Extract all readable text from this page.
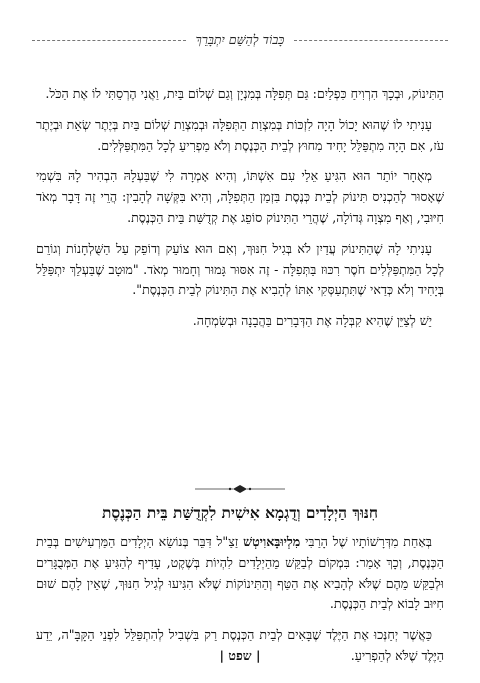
כָּבוֹד לְהַשֵּׁם יִתְבָּרֵךְ

הַתִּינוֹק, וּבְכָךְ הִרְוִיחַ כִּפְלַיִם: גַּם תְּפִלָּה בְּמִנְיָן וְגַם שְׁלוֹם בַּיִת, וַאֲנִי הֶרְסֵתִּי לוֹ אֶת הַכֹּל.

עָנִיתִי לוֹ שֶׁהוּא יָכוֹל הָיָה לִזְכּוֹת בְּמִצְוַת הַתְּפִלָּה וּבְמִצְוַת שְׁלוֹם בַּיִת בְּיֶתֶר שְׂאֵת וּבְיֶתֶר עֹז, אִם הָיָה מִתְפַּלֵּל יָחִיד מִחוּץ לְבֵית הַכְּנֶסֶת וְלֹא מַפְרִיעַ לְכָל הַמִּתְפַּלְּלִים.

מְאֻחָר יוֹתֵר הוּא הִגִּיעַ אֵלַי עִם אִשְׁתּוֹ, וְהִיא אָמְרָה לִי שֶׁבַּעְלָהּ הִבְהִיר לָהּ בִּשְׁמִי שֶׁאָסוּר לְהַכְנִיס תִּינוֹק לְבֵית כְּנֶסֶת בִּזְמַן הַתְּפִלָּה, וְהִיא בִּקְּשָׁה לְהָבִין: הֲרֵי זֶה דָּבָר מְאֹד חִיּוּבִי, וְאַף מִצְוָה גְּדוֹלָה, שֶׁהֲרֵי הַתִּינוֹק סוֹפֵג אֶת קְדֻשַּׁת בֵּית הַכְּנֶסֶת.

עָנִיתִי לָהּ שֶׁהַתִּינוֹק עֲדַיִן לֹא בְּגִיל חִנּוּךְ, וְאִם הוּא צוֹעֵק וְדוֹפֵק עַל הַשֻּׁלְחָנוֹת וְגוֹרֵם לְכָל הַמִּתְפַּלְּלִים חֹסֶר רִכּוּז בַּתְּפִלָּה - זֶה אִסּוּר גָּמוּר וְחָמוּר מְאֹד. "מוּטָב שֶׁבַּעְלֵךְ יִתְפַּלֵּל בְּיָחִיד וְלֹא כְּדַאי שֶׁתִּתְעַסְּקִי אִתּוֹ לְהָבִיא אֶת הַתִּינוֹק לְבֵית הַכְּנֶסֶת".

יֵשׁ לְצַיֵּן שֶׁהִיא קִבְּלָה אֶת הַדְּבָרִים בַּהֲבָנָה וּבְשִׂמְחָה.

חִנּוּךְ הַיְלָדִים וְדֻגְמָא אִישִׁית לִקְדֻשַּׁת בֵּית הַכְּנֶסֶת

בְּאַחַת מִדְּרָשׁוֹתָיו שֶׁל הָרַבִּי מִלְיוּבָּאוִיטְשׁ זַצַ"ל דִּבֵּר בְּנוֹשֵׂא הַיְלָדִים הַמַּרְעִישִׁים בְּבֵית הַכְּנֶסֶת, וְכָךְ אָמַר: בִּמְקוֹם לְבַקֵּשׁ מֵהַיְלָדִים לִהְיוֹת בְּשֶׁקֶט, עָדִיף לְהַגִּיעַ אֶת הַמְּבֻגָּרִים וּלְבַקֵּשׁ מֵהֶם שֶׁלֹּא לְהָבִיא אֶת הַטַּף וְהַתִּינוֹקוֹת שֶׁלֹּא הִגִּיעוּ לְגִיל חִנּוּךְ, שֶׁאֵין לָהֶם שׁוּם חִיּוּב לָבוֹא לְבֵית הַכְּנֶסֶת.

כַּאֲשֶׁר יְחַנְּכוּ אֶת הַיֶּלֶד שֶׁבָּאִים לְבֵית הַכְּנֶסֶת רַק בִּשְׁבִיל לְהִתְפַּלֵּל לִפְנֵי הַקָּבָּ"ה, יֵדַע הַיֶּלֶד שֶׁלֹּא לְהַפְרִיעַ.

| שפט |
